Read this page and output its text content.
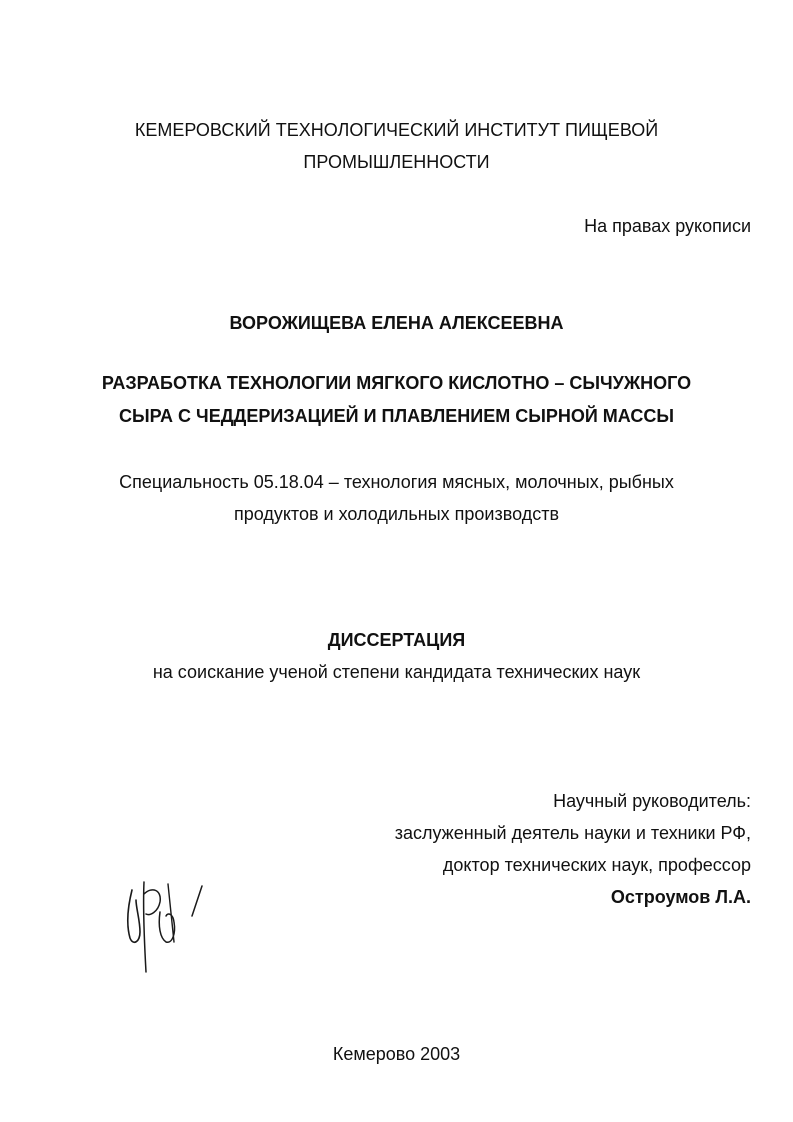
КЕМЕРОВСКИЙ ТЕХНОЛОГИЧЕСКИЙ ИНСТИТУТ ПИЩЕВОЙ
ПРОМЫШЛЕННОСТИ
На правах рукописи
ВОРОЖИЩЕВА ЕЛЕНА АЛЕКСЕЕВНА
РАЗРАБОТКА ТЕХНОЛОГИИ МЯГКОГО КИСЛОТНО – СЫЧУЖНОГО
СЫРА С ЧЕДДЕРИЗАЦИЕЙ И ПЛАВЛЕНИЕМ СЫРНОЙ МАССЫ
Специальность 05.18.04 – технология мясных, молочных, рыбных
продуктов и холодильных производств
ДИССЕРТАЦИЯ
на соискание ученой степени кандидата технических наук
Научный руководитель:
заслуженный деятель науки и техники РФ,
доктор технических наук, профессор
Остроумов Л.А.
Кемерово 2003
